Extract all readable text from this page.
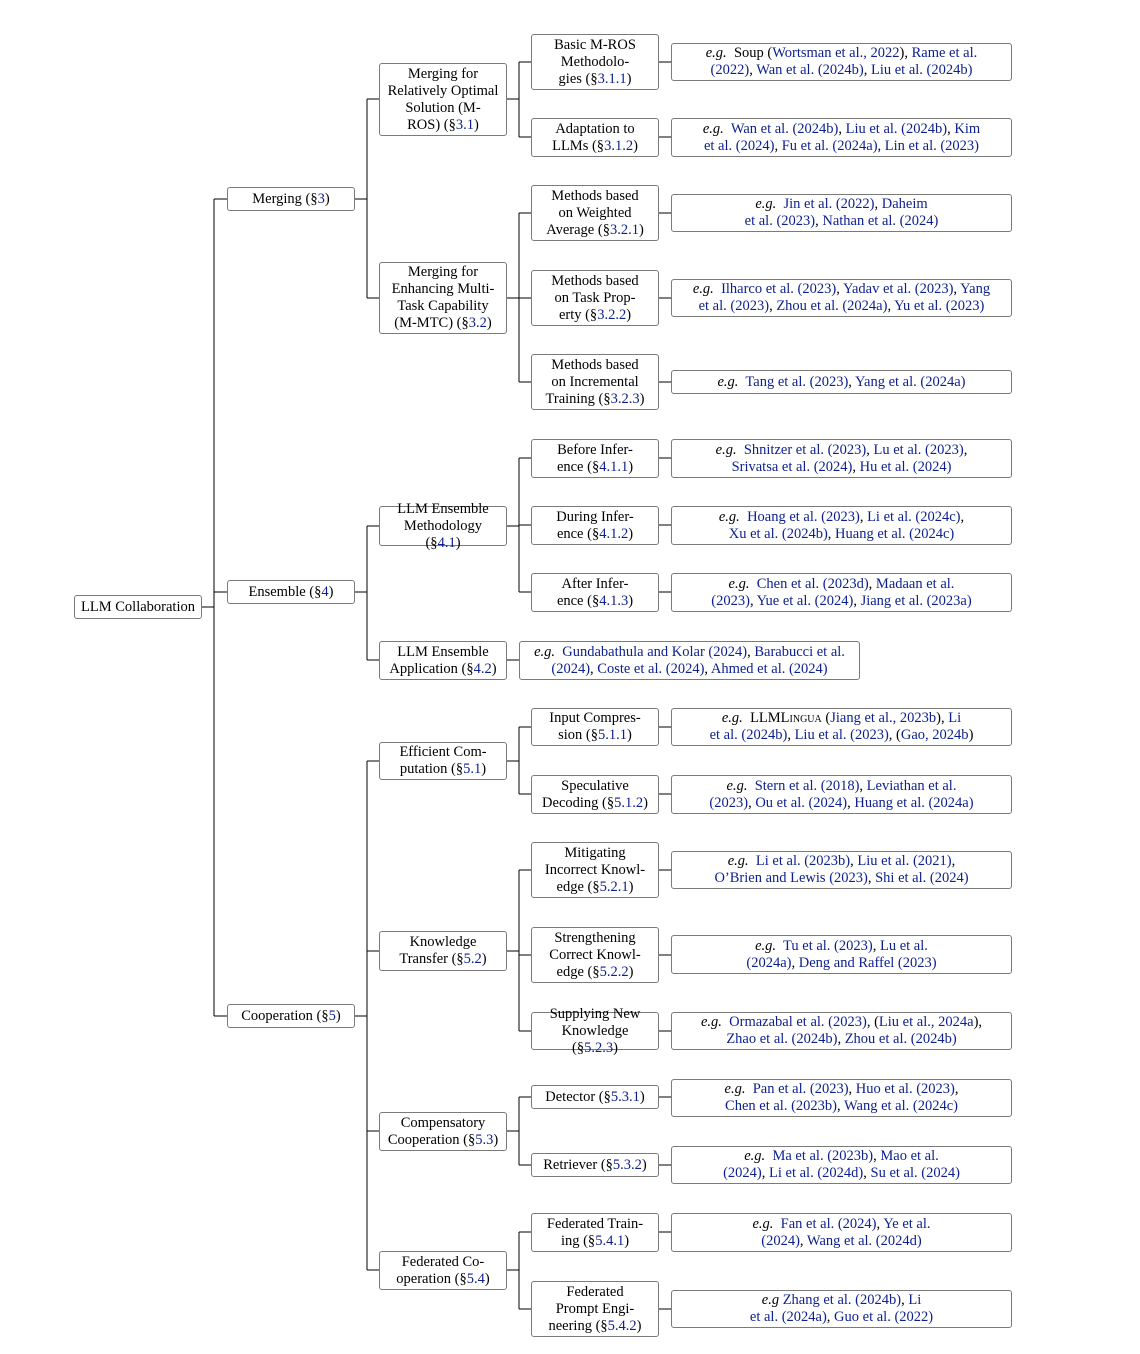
LLM Collaboration
Merging (§3)
Ensemble (§4)
Cooperation (§5)
Merging for
Relatively Optimal
Solution (M-
ROS) (§3.1)
Merging for
Enhancing Multi-
Task Capability
(M-MTC) (§3.2)
LLM Ensemble
Methodology (§4.1)
LLM Ensemble
Application (§4.2)
Efficient Com-
putation (§5.1)
Knowledge
Transfer (§5.2)
Compensatory
Cooperation (§5.3)
Federated Co-
operation (§5.4)
Basic M-ROS
Methodolo-
gies (§3.1.1)
Adaptation to
LLMs (§3.1.2)
Methods based
on Weighted
Average (§3.2.1)
Methods based
on Task Prop-
erty (§3.2.2)
Methods based
on Incremental
Training (§3.2.3)
Before Infer-
ence (§4.1.1)
During Infer-
ence (§4.1.2)
After Infer-
ence (§4.1.3)
Input Compres-
sion (§5.1.1)
Speculative
Decoding (§5.1.2)
Mitigating
Incorrect Knowl-
edge (§5.2.1)
Strengthening
Correct Knowl-
edge (§5.2.2)
Supplying New
Knowledge (§5.2.3)
Detector (§5.3.1)
Retriever (§5.3.2)
Federated Train-
ing (§5.4.1)
Federated
Prompt Engi-
neering (§5.4.2)
e.g.  Soup (Wortsman et al., 2022), Rame et al.
(2022), Wan et al. (2024b), Liu et al. (2024b)
e.g. Wan et al. (2024b), Liu et al. (2024b), Kim
et al. (2024), Fu et al. (2024a), Lin et al. (2023)
e.g. Jin et al. (2022), Daheim
et al. (2023), Nathan et al. (2024)
e.g. Ilharco et al. (2023), Yadav et al. (2023), Yang
et al. (2023), Zhou et al. (2024a), Yu et al. (2023)
e.g. Tang et al. (2023), Yang et al. (2024a)
e.g. Shnitzer et al. (2023), Lu et al. (2023),
Srivatsa et al. (2024), Hu et al. (2024)
e.g. Hoang et al. (2023), Li et al. (2024c),
Xu et al. (2024b), Huang et al. (2024c)
e.g. Chen et al. (2023d), Madaan et al.
(2023), Yue et al. (2024), Jiang et al. (2023a)
e.g. Gundabathula and Kolar (2024), Barabucci et al.
(2024), Coste et al. (2024), Ahmed et al. (2024)
e.g. LLMLingua (Jiang et al., 2023b), Li
et al. (2024b), Liu et al. (2023), (Gao, 2024b)
e.g. Stern et al. (2018), Leviathan et al.
(2023), Ou et al. (2024), Huang et al. (2024a)
e.g. Li et al. (2023b), Liu et al. (2021),
O’Brien and Lewis (2023), Shi et al. (2024)
e.g. Tu et al. (2023), Lu et al.
(2024a), Deng and Raffel (2023)
e.g. Ormazabal et al. (2023), (Liu et al., 2024a),
Zhao et al. (2024b), Zhou et al. (2024b)
e.g. Pan et al. (2023), Huo et al. (2023),
Chen et al. (2023b), Wang et al. (2024c)
e.g. Ma et al. (2023b), Mao et al.
(2024), Li et al. (2024d), Su et al. (2024)
e.g. Fan et al. (2024), Ye et al.
(2024), Wang et al. (2024d)
e.g Zhang et al. (2024b), Li
et al. (2024a), Guo et al. (2022)
